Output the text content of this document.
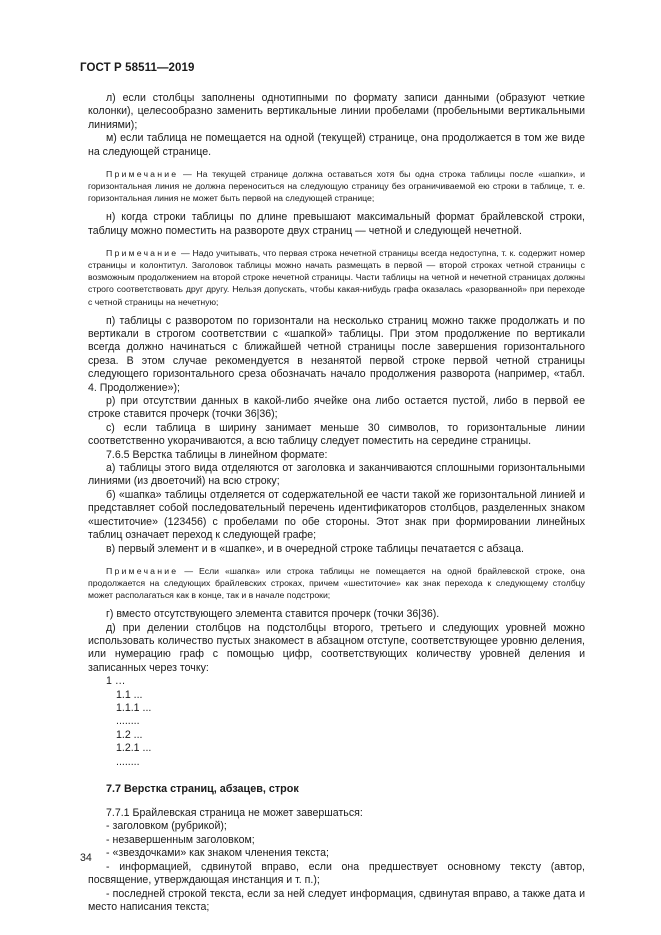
ГОСТ Р 58511—2019

л) если столбцы заполнены однотипными по формату записи данными (образуют четкие колонки), целесообразно заменить вертикальные линии пробелами (пробельными вертикальными линиями);

м) если таблица не помещается на одной (текущей) странице, она продолжается в том же виде на следующей странице.

Примечание — На текущей странице должна оставаться хотя бы одна строка таблицы после «шапки», и горизонтальная линия не должна переноситься на следующую страницу без ограничиваемой ею строки в таблице, т. е. горизонтальная линия не может быть первой на следующей странице;

н) когда строки таблицы по длине превышают максимальный формат брайлевской строки, таблицу можно поместить на развороте двух страниц — четной и следующей нечетной.

Примечание — Надо учитывать, что первая строка нечетной страницы всегда недоступна, т. к. содержит номер страницы и колонтитул. Заголовок таблицы можно начать размещать в первой — второй строках четной страницы с возможным продолжением на второй строке нечетной страницы. Части таблицы на четной и нечетной страницах должны строго соответствовать друг другу. Нельзя допускать, чтобы какая-нибудь графа оказалась «разорванной» при переходе с четной страницы на нечетную;

п) таблицы с разворотом по горизонтали на несколько страниц можно также продолжать и по вертикали в строгом соответствии с «шапкой» таблицы. При этом продолжение по вертикали всегда должно начинаться с ближайшей четной страницы после завершения горизонтального среза. В этом случае рекомендуется в незанятой первой строке первой четной страницы следующего горизонтального среза обозначать начало продолжения разворота (например, «табл. 4. Продолжение»);

р) при отсутствии данных в какой-либо ячейке она либо остается пустой, либо в первой ее строке ставится прочерк (точки 36|36);

с) если таблица в ширину занимает меньше 30 символов, то горизонтальные линии соответственно укорачиваются, а всю таблицу следует поместить на середине страницы.

7.6.5 Верстка таблицы в линейном формате:

а) таблицы этого вида отделяются от заголовка и заканчиваются сплошными горизонтальными линиями (из двоеточий) на всю строку;

б) «шапка» таблицы отделяется от содержательной ее части такой же горизонтальной линией и представляет собой последовательный перечень идентификаторов столбцов, разделенных знаком «шеститочие» (123456) с пробелами по обе стороны. Этот знак при формировании линейных таблиц означает переход к следующей графе;

в) первый элемент и в «шапке», и в очередной строке таблицы печатается с абзаца.

Примечание — Если «шапка» или строка таблицы не помещается на одной брайлевской строке, она продолжается на следующих брайлевских строках, причем «шеститочие» как знак перехода к следующему столбцу может располагаться как в конце, так и в начале подстроки;

г) вместо отсутствующего элемента ставится прочерк (точки 36|36).

д) при делении столбцов на подстолбцы второго, третьего и следующих уровней можно использовать количество пустых знакомест в абзацном отступе, соответствующее уровню деления, или нумерацию граф с помощью цифр, соответствующих количеству уровней деления и записанных через точку:

1 …
1.1 ...
1.1.1 ...
........
1.2 ...
1.2.1 ...
........

7.7 Верстка страниц, абзацев, строк

7.7.1 Брайлевская страница не может завершаться:

- заголовком (рубрикой);

- незавершенным заголовком;

- «звездочками» как знаком членения текста;

- информацией, сдвинутой вправо, если она предшествует основному тексту (автор, посвящение, утверждающая инстанция и т. п.);

- последней строкой текста, если за ней следует информация, сдвинутая вправо, а также дата и место написания текста;

34
